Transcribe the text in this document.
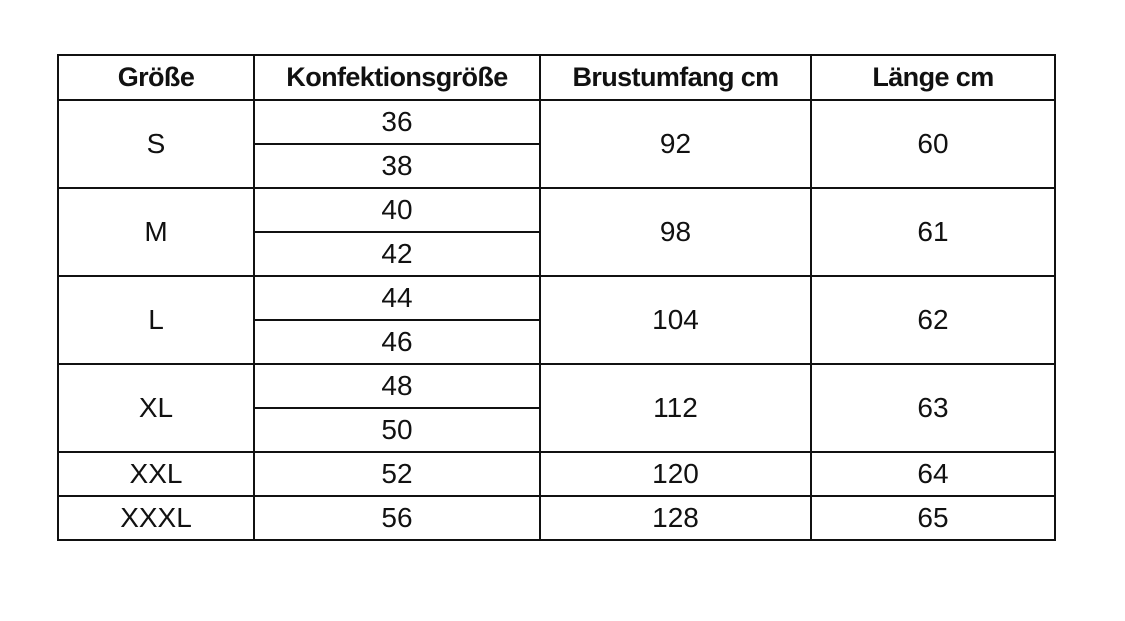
Größe	Konfektionsgröße	Brustumfang cm	Länge cm
S	36	92	60
	38		
M	40	98	61
	42		
L	44	104	62
	46		
XL	48	112	63
	50		
XXL	52	120	64
XXXL	56	128	65
